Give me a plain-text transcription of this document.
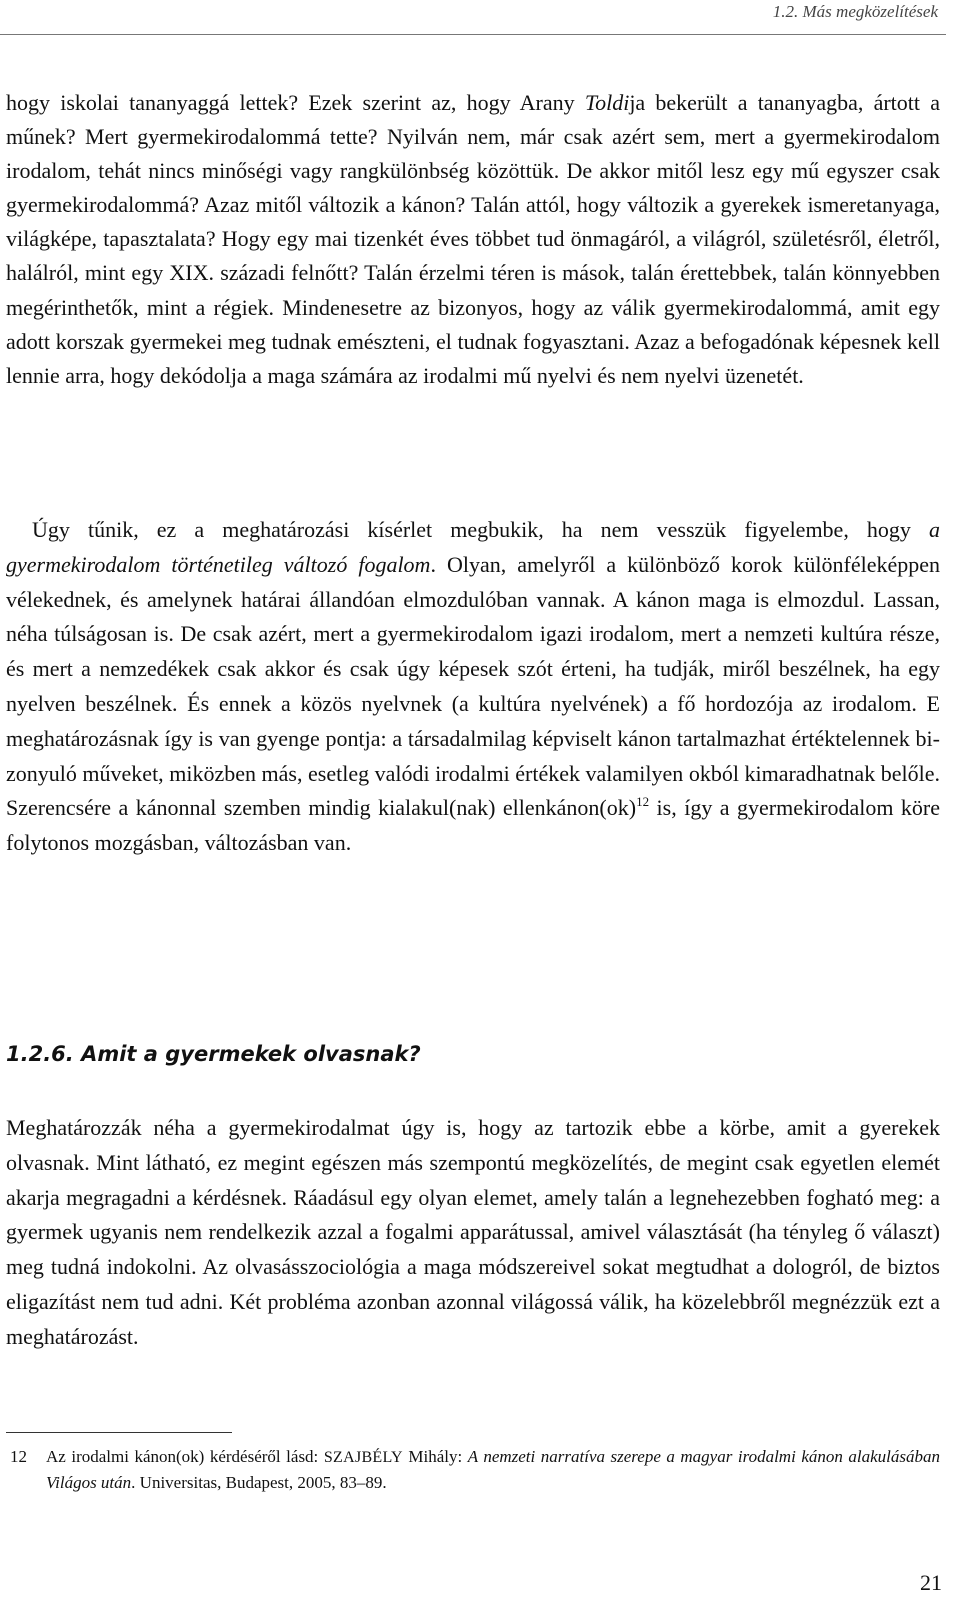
1.2. Más megközelítések

hogy iskolai tananyaggá lettek? Ezek szerint az, hogy Arany Toldija bekerült a tananyagba, ártott a műnek? Mert gyermekirodalommá tette? Nyilván nem, már csak azért sem, mert a gyermekirodalom irodalom, tehát nincs minőségi vagy rangkülönbség közöttük. De akkor mitől lesz egy mű egyszer csak gyermekirodalommá? Azaz mitől változik a kánon? Talán attól, hogy változik a gyerekek ismeretanyaga, világképe, tapasztalata? Hogy egy mai tizenkét éves többet tud önmagáról, a világról, születésről, életről, halálról, mint egy XIX. századi felnőtt? Talán érzelmi téren is mások, talán érettebbek, talán könnyebben megérinthetők, mint a régiek. Mindenesetre az bizonyos, hogy az válik gyermekirodalommá, amit egy adott korszak gyermekei meg tudnak emészteni, el tudnak fogyasztani. Azaz a befogadónak képesnek kell lennie arra, hogy dekódolja a maga számára az irodalmi mű nyelvi és nem nyelvi üzenetét.

Úgy tűnik, ez a meghatározási kísérlet megbukik, ha nem vesszük figyelembe, hogy a gyermekirodalom történetileg változó fogalom. Olyan, amelyről a különböző korok különféleképpen vélekednek, és amelynek határai állandóan elmozdulóban vannak. A kánon maga is elmozdul. Lassan, néha túlságosan is. De csak azért, mert a gyermekirodalom igazi irodalom, mert a nemzeti kultúra része, és mert a nemzedékek csak akkor és csak úgy képesek szót érteni, ha tudják, miről beszélnek, ha egy nyelven beszélnek. És ennek a közös nyelvnek (a kultúra nyelvének) a fő hordozója az irodalom. E meghatározásnak így is van gyenge pontja: a társadalmilag képviselt kánon tartalmazhat értéktelennek bizonyuló műveket, miközben más, esetleg valódi irodalmi értékek valamilyen okból kimaradhatnak belőle. Szerencsére a kánonnal szemben mindig kialakul(nak) ellenkánon(ok)$^{12}$ is, így a gyermekirodalom köre folytonos mozgásban, változásban van.

1.2.6. Amit a gyermekek olvasnak?

Meghatározzák néha a gyermekirodalmat úgy is, hogy az tartozik ebbe a körbe, amit a gyerekek olvasnak. Mint látható, ez megint egészen más szempontú megközelítés, de megint csak egyetlen elemét akarja megragadni a kérdésnek. Ráadásul egy olyan elemet, amely talán a legnehezebben fogható meg: a gyermek ugyanis nem rendelkezik azzal a fogalmi apparátussal, amivel választását (ha tényleg ő választ) meg tudná indokolni. Az olvasásszociológia a maga módszereivel sokat megtudhat a dologról, de biztos eligazítást nem tud adni. Két probléma azonban azonnal világossá válik, ha közelebbről megnézzük ezt a meghatározást.

12 Az irodalmi kánon(ok) kérdéséről lásd: SZAJBÉLY Mihály: A nemzeti narratíva szerepe a magyar irodalmi kánon alakulásában Világos után. Universitas, Budapest, 2005, 83–89.
21
